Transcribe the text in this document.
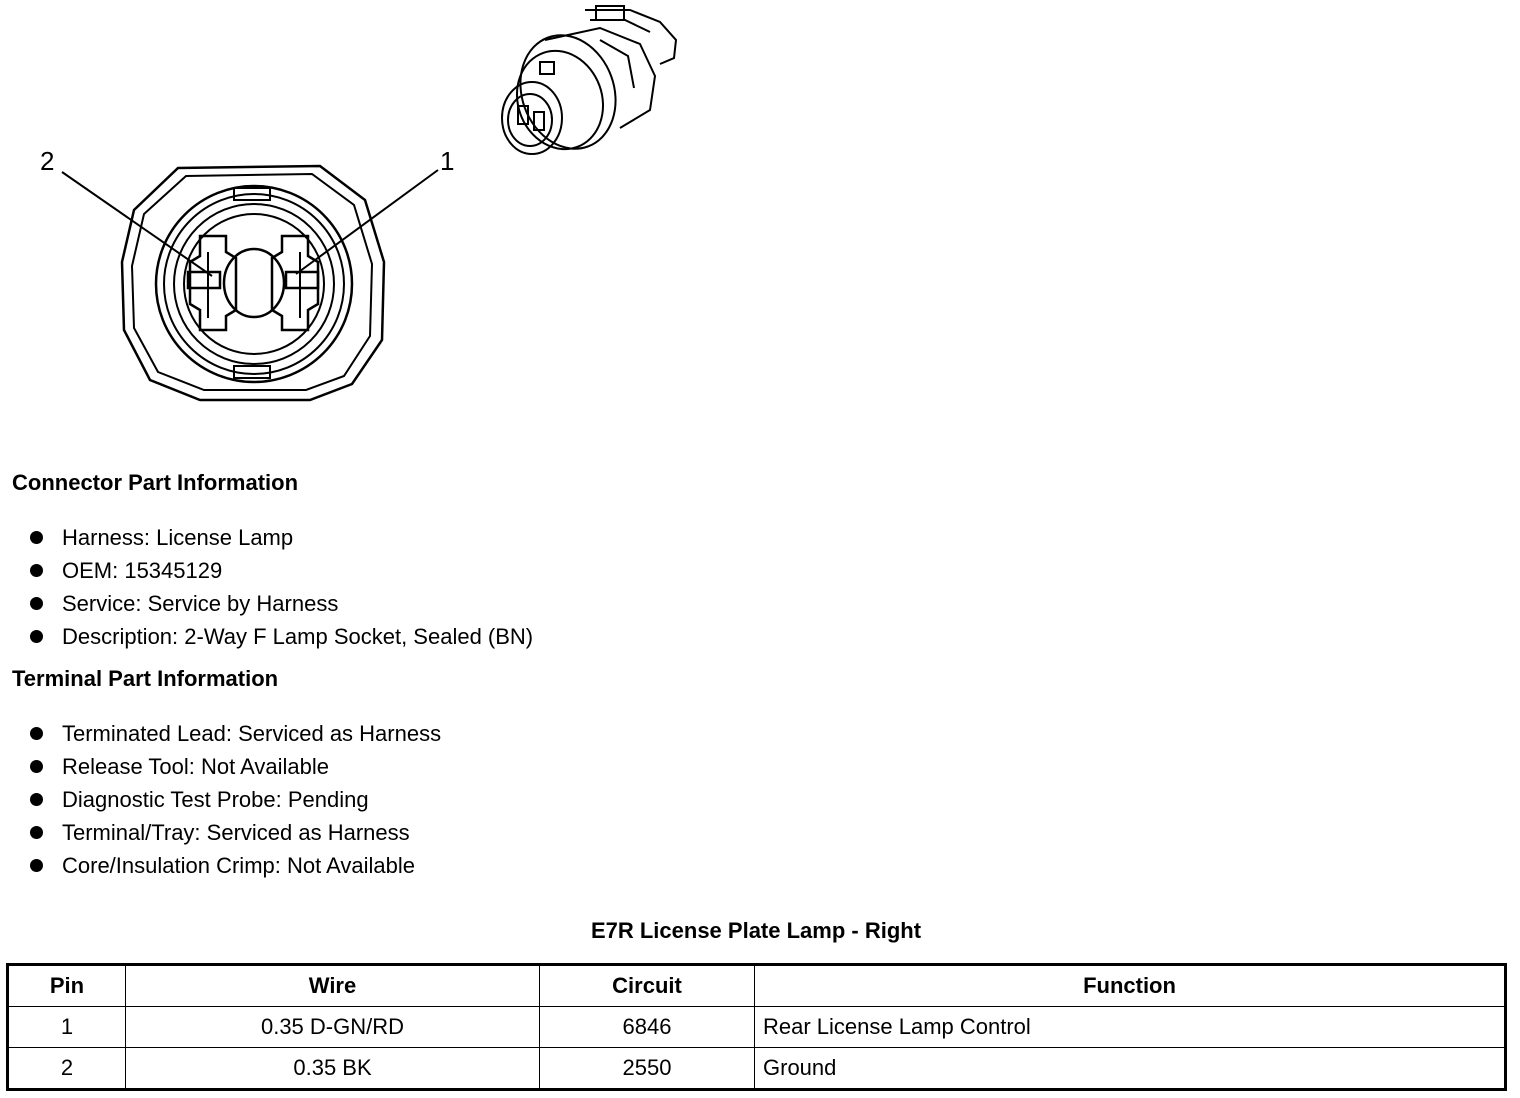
2	1
Connector Part Information
Harness: License Lamp
OEM: 15345129
Service: Service by Harness
Description: 2-Way F Lamp Socket, Sealed (BN)
Terminal Part Information
Terminated Lead: Serviced as Harness
Release Tool: Not Available
Diagnostic Test Probe: Pending
Terminal/Tray: Serviced as Harness
Core/Insulation Crimp: Not Available
E7R License Plate Lamp - Right
Pin	Wire	Circuit	Function
1	0.35 D-GN/RD	6846	Rear License Lamp Control
2	0.35 BK	2550	Ground
